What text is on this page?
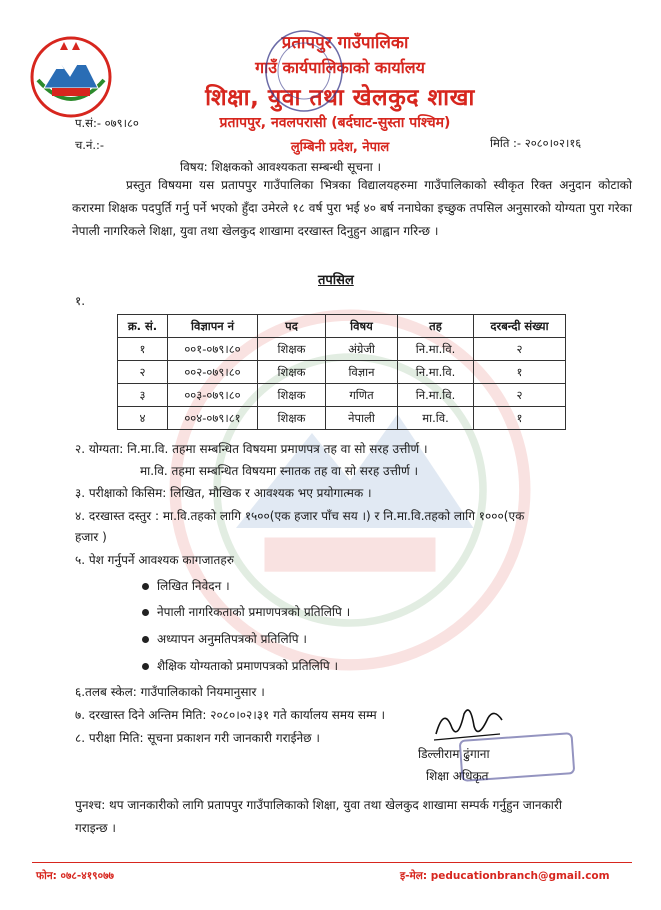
प्रतापपुर गाउँपालिका
गाउँ कार्यपालिकाको कार्यालय
शिक्षा, युवा तथा खेलकुद शाखा
प्रतापपुर, नवलपरासी (बर्दघाट-सुस्ता पश्चिम)
लुम्बिनी प्रदेश, नेपाल
प.सं:- ०७९।८०
च.नं.:-	मिति :- २०८०।०२।१६
विषय: शिक्षकको आवश्यकता सम्बन्धी सूचना ।
प्रस्तुत विषयमा यस प्रतापपुर गाउँपालिका भित्रका विद्यालयहरुमा गाउँपालिकाको स्वीकृत रिक्त अनुदान कोटाको करारमा शिक्षक पदपुर्ति गर्नु पर्ने भएको हुँदा उमेरले १८ वर्ष पुरा भई ४० बर्ष ननाघेका इच्छुक तपसिल अनुसारको योग्यता पुरा गरेका नेपाली नागरिकले शिक्षा, युवा तथा खेलकुद शाखामा दरखास्त दिनुहुन आह्वान गरिन्छ ।
तपसिल
१.
क्र. सं.	विज्ञापन नं	पद	विषय	तह	दरबन्दी संख्या
१	००१-०७९।८०	शिक्षक	अंग्रेजी	नि.मा.वि.	२
२	००२-०७९।८०	शिक्षक	विज्ञान	नि.मा.वि.	१
३	००३-०७९।८०	शिक्षक	गणित	नि.मा.वि.	२
४	००४-०७९।८१	शिक्षक	नेपाली	मा.वि.	१
२. योग्यता: नि.मा.वि. तहमा सम्बन्धित विषयमा प्रमाणपत्र तह वा सो सरह उत्तीर्ण ।
मा.वि. तहमा सम्बन्धित विषयमा स्नातक तह वा सो सरह उत्तीर्ण ।
३. परीक्षाको किसिम: लिखित, मौखिक र आवश्यक भए प्रयोगात्मक ।
४. दरखास्त दस्तुर : मा.वि.तहको लागि १५००(एक हजार पाँच सय ।) र नि.मा.वि.तहको लागि १०००(एक
हजार )
५. पेश गर्नुपर्ने आवश्यक कागजातहरु
लिखित निवेदन ।
नेपाली नागरिकताको प्रमाणपत्रको प्रतिलिपि ।
अध्यापन अनुमतिपत्रको प्रतिलिपि ।
शैक्षिक योग्यताको प्रमाणपत्रको प्रतिलिपि ।
६.तलब स्केल: गाउँपालिकाको नियमानुसार ।
७. दरखास्त दिने अन्तिम मिति: २०८०।०२।३१ गते कार्यालय समय सम्म ।
८. परीक्षा मिति: सूचना प्रकाशन गरी जानकारी गराईनेछ ।
डिल्लीराम ढुंगाना
शिक्षा अधिकृत
पुनश्च: थप जानकारीको लागि प्रतापपुर गाउँपालिकाको शिक्षा, युवा तथा खेलकुद शाखामा सम्पर्क गर्नुहुन जानकारी गराइन्छ ।
फोन: ०७८-४१९०७७	इ-मेल: peducationbranch@gmail.com
